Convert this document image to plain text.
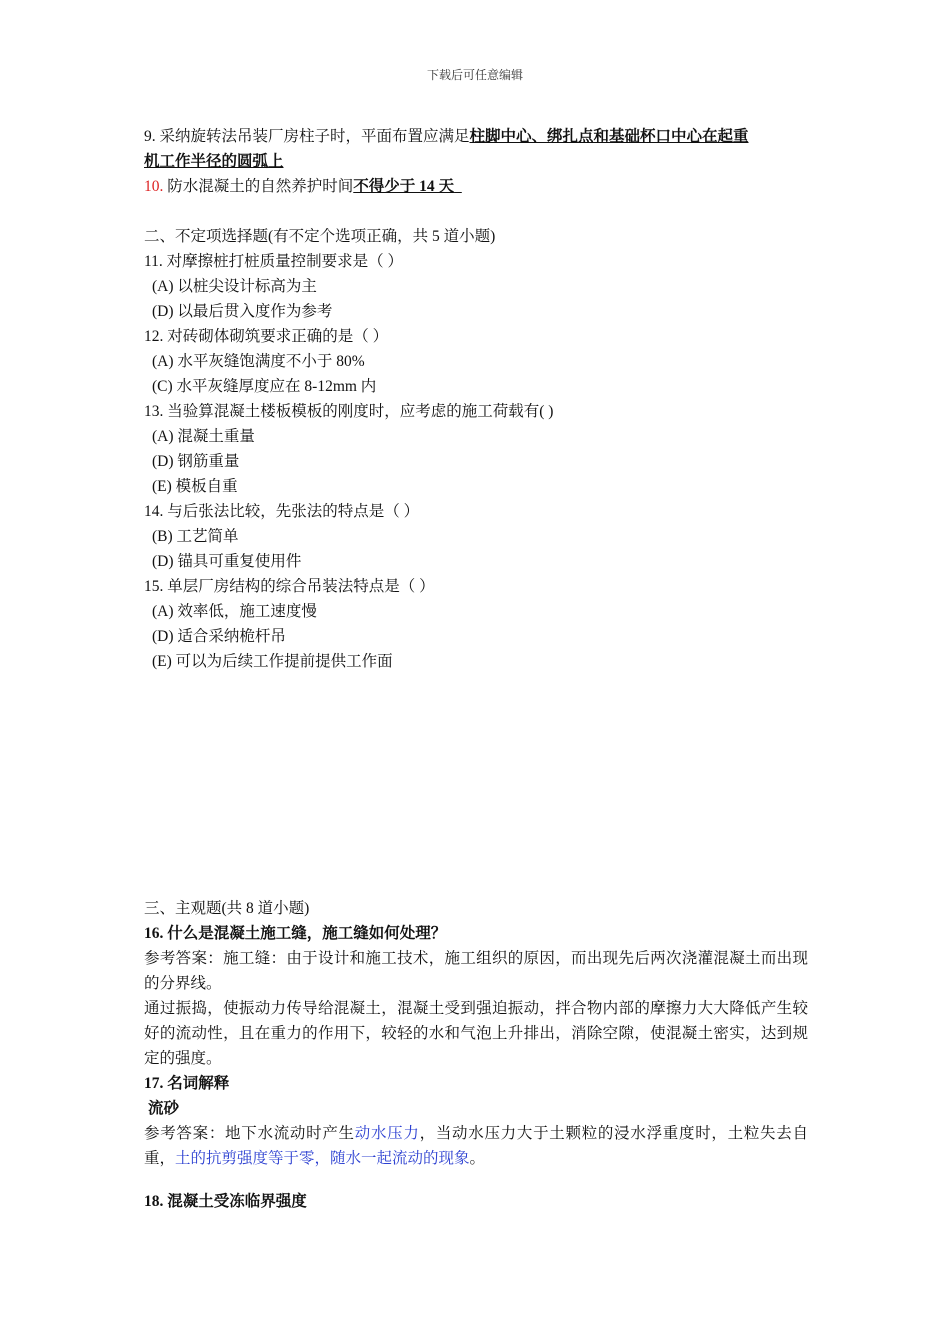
下载后可任意编辑
9. 采纳旋转法吊装厂房柱子时，平面布置应满足柱脚中心、绑扎点和基础杯口中心在起重
机工作半径的圆弧上
10. 防水混凝土的自然养护时间不得少于 14 天
二、不定项选择题(有不定个选项正确，共 5 道小题)
11. 对摩擦桩打桩质量控制要求是（ ）
(A) 以桩尖设计标高为主
(D) 以最后贯入度作为参考
12. 对砖砌体砌筑要求正确的是（ ）
(A) 水平灰缝饱满度不小于 80%
(C) 水平灰缝厚度应在 8-12mm 内
13. 当验算混凝土楼板模板的刚度时，应考虑的施工荷载有( )
(A) 混凝土重量
(D) 钢筋重量
(E) 模板自重
14. 与后张法比较，先张法的特点是（ ）
(B) 工艺简单
(D) 锚具可重复使用件
15. 单层厂房结构的综合吊装法特点是（ ）
(A) 效率低，施工速度慢
(D) 适合采纳桅杆吊
(E) 可以为后续工作提前提供工作面
三、主观题(共 8 道小题)
16. 什么是混凝土施工缝，施工缝如何处理？
参考答案：施工缝：由于设计和施工技术，施工组织的原因，而出现先后两次浇灌混凝土而出现的分界线。
通过振捣，使振动力传导给混凝土，混凝土受到强迫振动，拌合物内部的摩擦力大大降低产生较好的流动性，且在重力的作用下，较轻的水和气泡上升排出，消除空隙，使混凝土密实，达到规定的强度。
17. 名词解释
流砂
参考答案：地下水流动时产生动水压力，当动水压力大于土颗粒的浸水浮重度时，土粒失去自重，土的抗剪强度等于零，随水一起流动的现象。
18. 混凝土受冻临界强度
